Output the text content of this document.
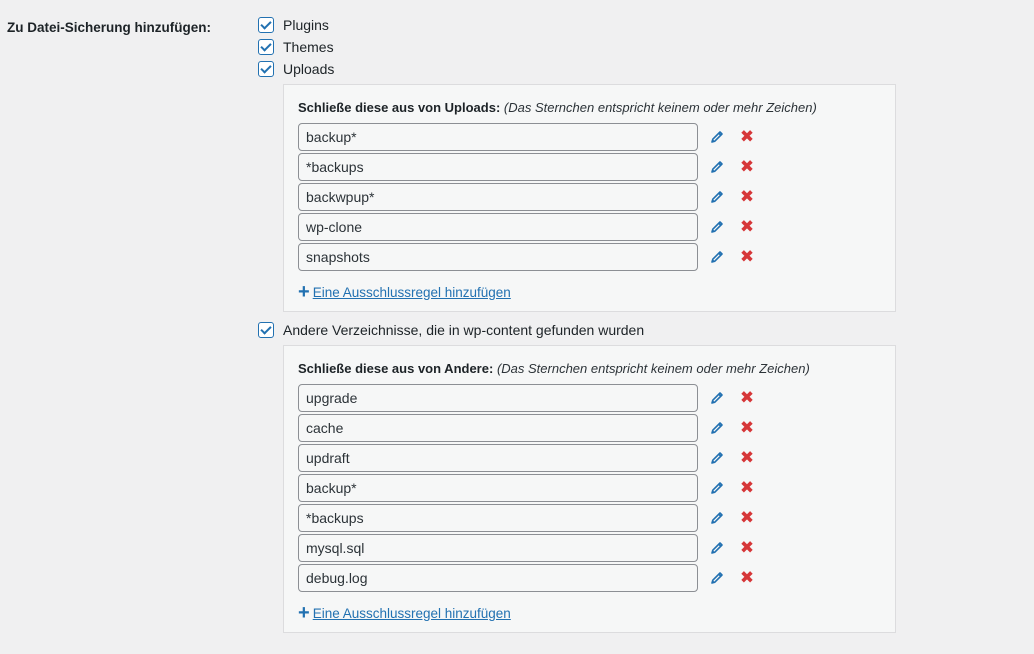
Zu Datei-Sicherung hinzufügen:	Plugins
Themes
Uploads
Schließe diese aus von Uploads: (Das Sternchen entspricht keinem oder mehr Zeichen)
backup*
✖
*backups
✖
backwpup*
✖
wp-clone
✖
snapshots
✖
+ Eine Ausschlussregel hinzufügen
Andere Verzeichnisse, die in wp-content gefunden wurden
Schließe diese aus von Andere: (Das Sternchen entspricht keinem oder mehr Zeichen)
upgrade
✖
cache
✖
updraft
✖
backup*
✖
*backups
✖
mysql.sql
✖
debug.log
✖
+ Eine Ausschlussregel hinzufügen
